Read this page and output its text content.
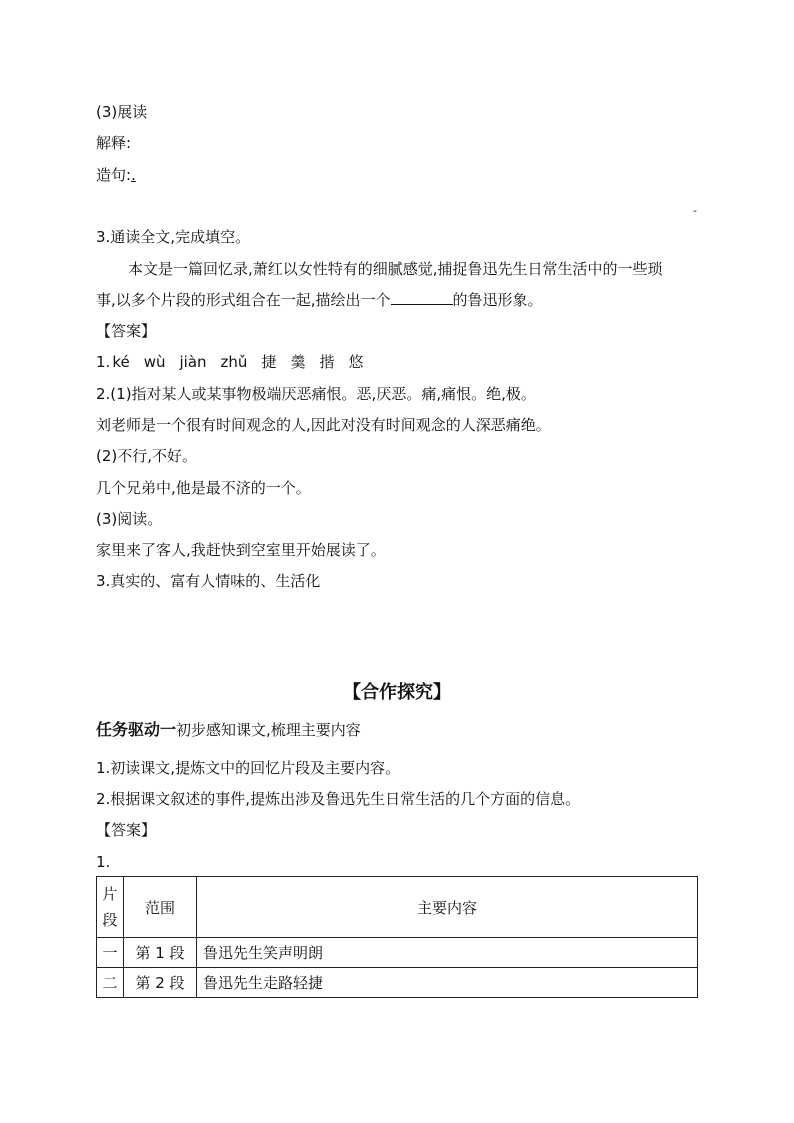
(3)展读
解释:
造句:.
-
3.通读全文,完成填空。
本文是一篇回忆录,萧红以女性特有的细腻感觉,捕捉鲁迅先生日常生活中的一些琐
事,以多个片段的形式组合在一起,描绘出一个	的鲁迅形象。
【答案】
1. ké wù jiàn zhǔ 捷 羹 揩 悠
2.(1)指对某人或某事物极端厌恶痛恨。恶,厌恶。痛,痛恨。绝,极。
刘老师是一个很有时间观念的人,因此对没有时间观念的人深恶痛绝。
(2)不行,不好。
几个兄弟中,他是最不济的一个。
(3)阅读。
家里来了客人,我赶快到空室里开始展读了。
3.真实的、富有人情味的、生活化
【合作探究】
任务驱动一初步感知课文,梳理主要内容
1.初读课文,提炼文中的回忆片段及主要内容。
2.根据课文叙述的事件,提炼出涉及鲁迅先生日常生活的几个方面的信息。
【答案】
1.
片
段	范围	主要内容
一	第 1 段	鲁迅先生笑声明朗
二	第 2 段	鲁迅先生走路轻捷
